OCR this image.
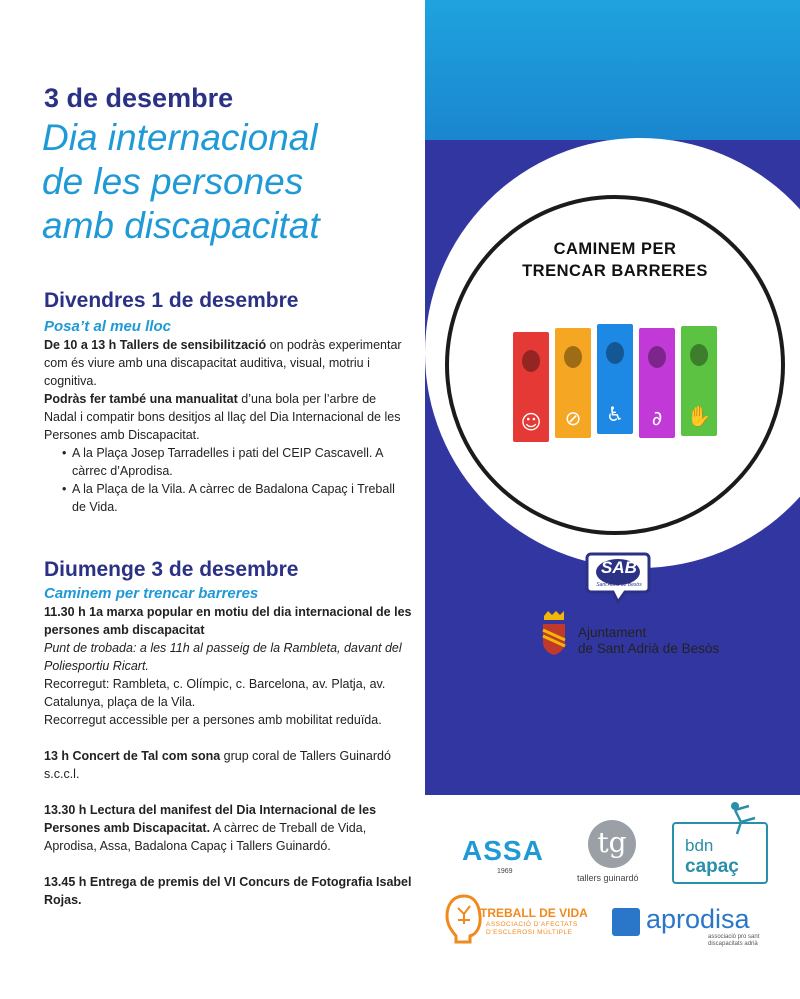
3 de desembre
Dia internacional
de les persones
amb discapacitat
Divendres 1 de desembre
Posa’t al meu lloc

De 10 a 13 h Tallers de sensibilització on podràs experimentar com és viure amb una discapacitat auditiva, visual, motriu i cognitiva.

Podràs fer també una manualitat d’una bola per l’arbre de Nadal i compatir bons desitjos al llaç del Dia Internacional de les Persones amb Discapacitat.

• A la Plaça Josep Tarradelles i pati del CEIP Cascavell. A càrrec d’Aprodisa.
• A la Plaça de la Vila. A càrrec de Badalona Capaç i Treball de Vida.
Diumenge 3 de desembre
Caminem per trencar barreres

11.30 h 1a marxa popular en motiu del dia internacional de les persones amb discapacitat

Punt de trobada: a les 11h al passeig de la Rambleta, davant del Poliesportiu Ricart.

Recorregut: Rambleta, c. Olímpic, c. Barcelona, av. Platja, av. Catalunya, plaça de la Vila.

Recorregut accessible per a persones amb mobilitat reduïda.

13 h Concert de Tal com sona grup coral de Tallers Guinardó s.c.c.l.

13.30 h Lectura del manifest del Dia Internacional de les Persones amb Discapacitat. A càrrec de Treball de Vida, Aprodisa, Assa, Badalona Capaç i Tallers Guinardó.

13.45 h Entrega de premis del VI Concurs de Fotografia Isabel Rojas.

CAMINEM PER
TRENCAR BARRERES
☺	⊘	♿	∂	✋
SAB
Sant Adrià de Besòs
Ajuntament
de Sant Adrià de Besòs
ASSA
1969
tg
tallers guinardó
bdn
capaç
TREBALL DE VIDA
ASSOCIACIÓ D’AFECTATS
D’ESCLEROSI MÚLTIPLE	aprodisa
associació pro sant
discapacitats adrià
